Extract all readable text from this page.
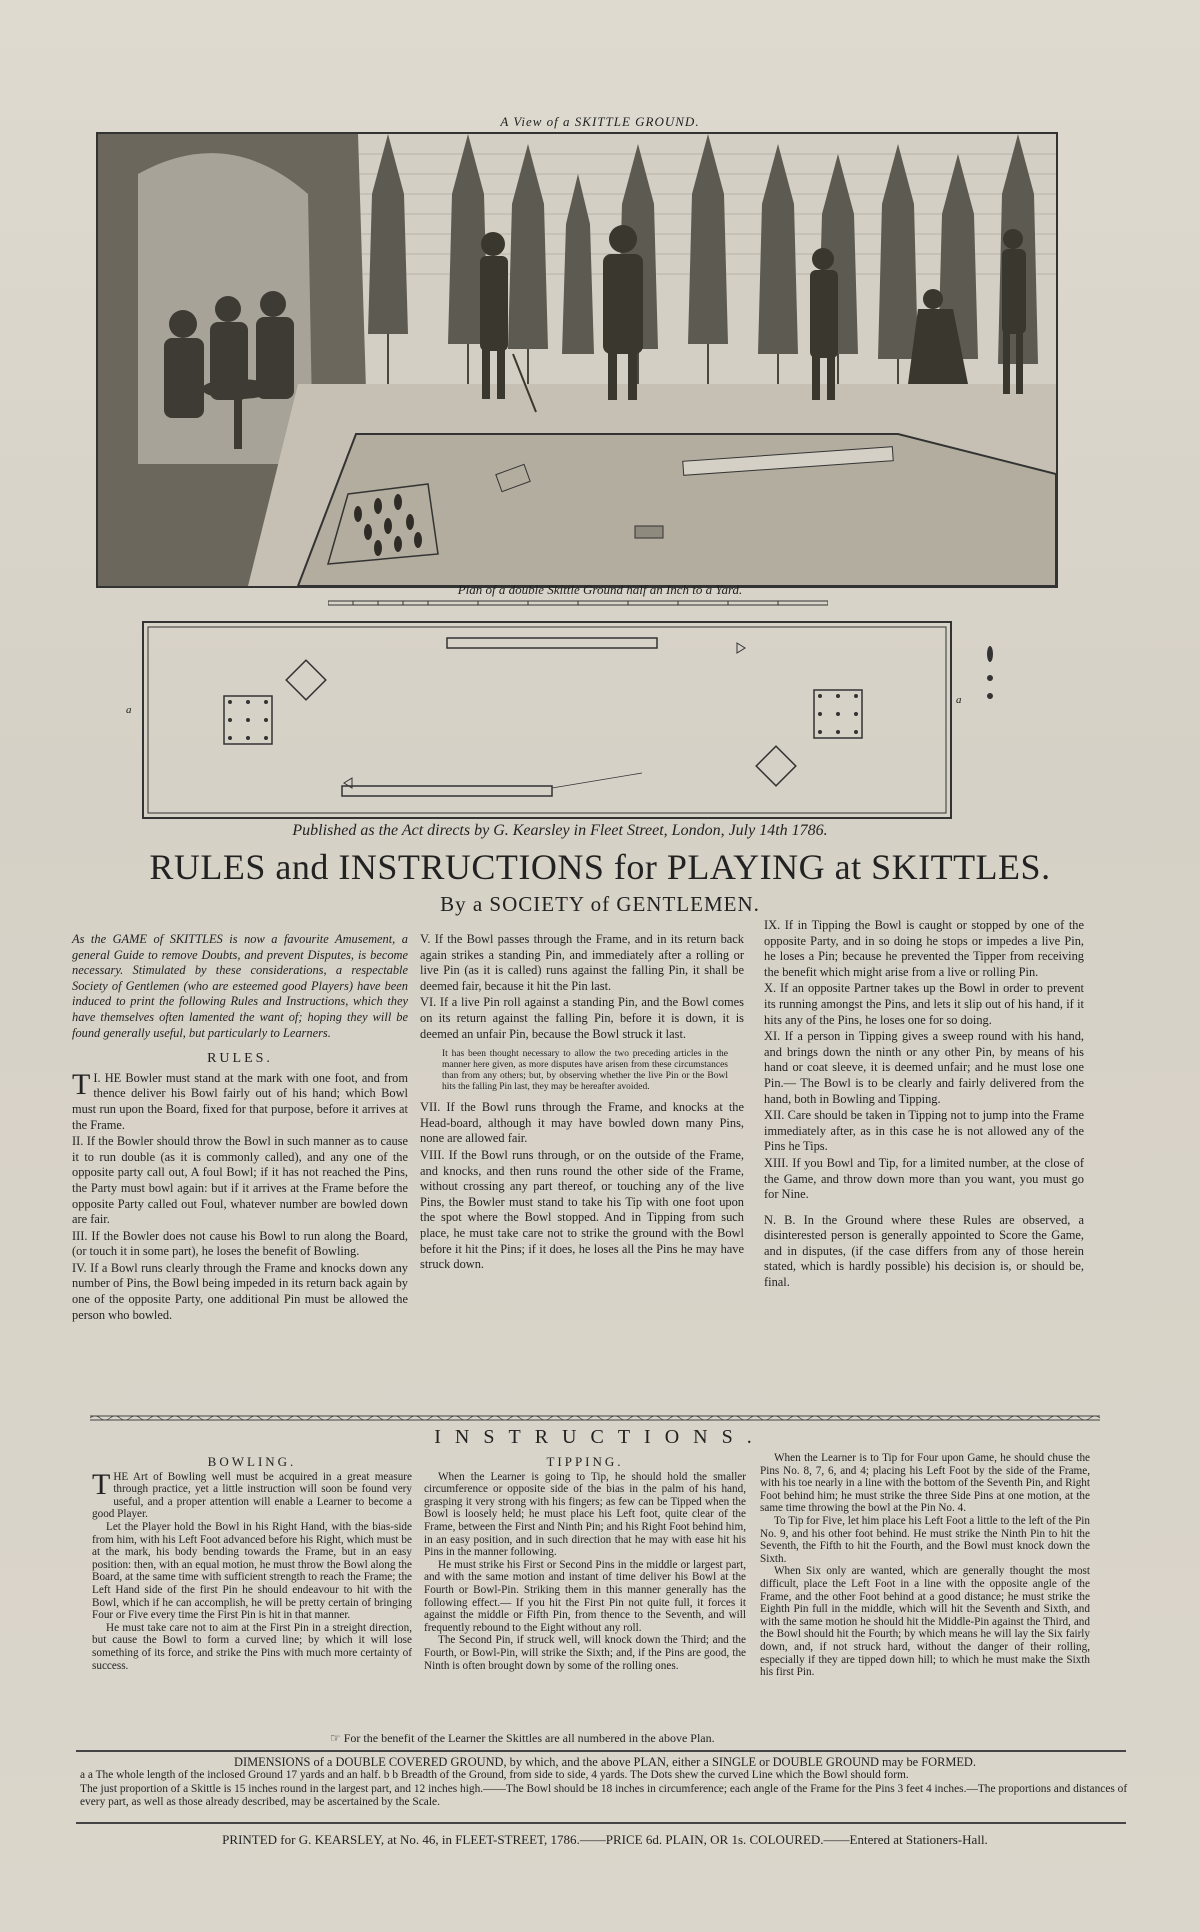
A View of a SKITTLE GROUND.
Plan of a double Skittle Ground half an Inch to a Yard.
a
a
Published as the Act directs by G. Kearsley in Fleet Street, London, July 14th 1786.
RULES and INSTRUCTIONS for PLAYING at SKITTLES.
By a SOCIETY of GENTLEMEN.

As the GAME of SKITTLES is now a favourite Amusement, a general Guide to remove Doubts, and prevent Disputes, is become necessary. Stimulated by these considerations, a respectable Society of Gentlemen (who are esteemed good Players) have been induced to print the following Rules and Instructions, which they have themselves often lamented the want of; hoping they will be found generally useful, but particularly to Learners.

RULES.

I.
T HE Bowler must stand at the mark with one foot, and from thence deliver his Bowl fairly out of his hand; which Bowl must run upon the Board, fixed for that purpose, before it arrives at the Frame.

II. If the Bowler should throw the Bowl in such manner as to cause it to run double (as it is commonly called), and any one of the opposite party call out, A foul Bowl; if it has not reached the Pins, the Party must bowl again: but if it arrives at the Frame before the opposite Party called out Foul, whatever number are bowled down are fair.

III. If the Bowler does not cause his Bowl to run along the Board, (or touch it in some part), he loses the benefit of Bowling.

IV. If a Bowl runs clearly through the Frame and knocks down any number of Pins, the Bowl being impeded in its return back again by one of the opposite Party, one additional Pin must be allowed the person who bowled.

V. If the Bowl passes through the Frame, and in its return back again strikes a standing Pin, and immediately after a rolling or live Pin (as it is called) runs against the falling Pin, it shall be deemed fair, because it hit the Pin last.

VI. If a live Pin roll against a standing Pin, and the Bowl comes on its return against the falling Pin, before it is down, it is deemed an unfair Pin, because the Bowl struck it last.

It has been thought necessary to allow the two preceding articles in the manner here given, as more disputes have arisen from these circumstances than from any others; but, by observing whether the live Pin or the Bowl hits the falling Pin last, they may be hereafter avoided.

VII. If the Bowl runs through the Frame, and knocks at the Head-board, although it may have bowled down many Pins, none are allowed fair.

VIII. If the Bowl runs through, or on the outside of the Frame, and knocks, and then runs round the other side of the Frame, without crossing any part thereof, or touching any of the live Pins, the Bowler must stand to take his Tip with one foot upon the spot where the Bowl stopped. And in Tipping from such place, he must take care not to strike the ground with the Bowl before it hit the Pins; if it does, he loses all the Pins he may have struck down.

IX. If in Tipping the Bowl is caught or stopped by one of the opposite Party, and in so doing he stops or impedes a live Pin, he loses a Pin; because he prevented the Tipper from receiving the benefit which might arise from a live or rolling Pin.

X. If an opposite Partner takes up the Bowl in order to prevent its running amongst the Pins, and lets it slip out of his hand, if it hits any of the Pins, he loses one for so doing.

XI. If a person in Tipping gives a sweep round with his hand, and brings down the ninth or any other Pin, by means of his hand or coat sleeve, it is deemed unfair; and he must lose one Pin.— The Bowl is to be clearly and fairly delivered from the hand, both in Bowling and Tipping.

XII. Care should be taken in Tipping not to jump into the Frame immediately after, as in this case he is not allowed any of the Pins he Tips.

XIII. If you Bowl and Tip, for a limited number, at the close of the Game, and throw down more than you want, you must go for Nine.

N. B. In the Ground where these Rules are observed, a disinterested person is generally appointed to Score the Game, and in disputes, (if the case differs from any of those herein stated, which is hardly possible) his decision is, or should be, final.

INSTRUCTIONS.
BOWLING.

THE Art of Bowling well must be acquired in a great measure through practice, yet a little instruction will soon be found very useful, and a proper attention will enable a Learner to become a good Player.

Let the Player hold the Bowl in his Right Hand, with the bias-side from him, with his Left Foot advanced before his Right, which must be at the mark, his body bending towards the Frame, but in an easy position: then, with an equal motion, he must throw the Bowl along the Board, at the same time with sufficient strength to reach the Frame; the Left Hand side of the first Pin he should endeavour to hit with the Bowl, which if he can accomplish, he will be pretty certain of bringing Four or Five every time the First Pin is hit in that manner.

He must take care not to aim at the First Pin in a streight direction, but cause the Bowl to form a curved line; by which it will lose something of its force, and strike the Pins with much more certainty of success.

TIPPING.

When the Learner is going to Tip, he should hold the smaller circumference or opposite side of the bias in the palm of his hand, grasping it very strong with his fingers; as few can be Tipped when the Bowl is loosely held; he must place his Left foot, quite clear of the Frame, between the First and Ninth Pin; and his Right Foot behind him, in an easy position, and in such direction that he may with ease hit his Pins in the manner following.

He must strike his First or Second Pins in the middle or largest part, and with the same motion and instant of time deliver his Bowl at the Fourth or Bowl-Pin. Striking them in this manner generally has the following effect.— If you hit the First Pin not quite full, it forces it against the middle or Fifth Pin, from thence to the Seventh, and will frequently rebound to the Eight without any roll.

The Second Pin, if struck well, will knock down the Third; and the Fourth, or Bowl-Pin, will strike the Sixth; and, if the Pins are good, the Ninth is often brought down by some of the rolling ones.

When the Learner is to Tip for Four upon Game, he should chuse the Pins No. 8, 7, 6, and 4; placing his Left Foot by the side of the Frame, with his toe nearly in a line with the bottom of the Seventh Pin, and Right Foot behind him; he must strike the three Side Pins at one motion, at the same time throwing the bowl at the Pin No. 4.

To Tip for Five, let him place his Left Foot a little to the left of the Pin No. 9, and his other foot behind. He must strike the Ninth Pin to hit the Seventh, the Fifth to hit the Fourth, and the Bowl must knock down the Sixth.

When Six only are wanted, which are generally thought the most difficult, place the Left Foot in a line with the opposite angle of the Frame, and the other Foot behind at a good distance; he must strike the Eighth Pin full in the middle, which will hit the Seventh and Sixth, and with the same motion he should hit the Middle-Pin against the Third, and the Bowl should hit the Fourth; by which means he will lay the Six fairly down, and, if not struck hard, without the danger of their rolling, especially if they are tipped down hill; to which he must make the Sixth his first Pin.

☞ For the benefit of the Learner the Skittles are all numbered in the above Plan.
DIMENSIONS of a DOUBLE COVERED GROUND, by which, and the above PLAN, either a SINGLE or DOUBLE GROUND may be FORMED.
a a The whole length of the inclosed Ground 17 yards and an half. b b Breadth of the Ground, from side to side, 4 yards. The Dots shew the curved Line which the Bowl should form.
The just proportion of a Skittle is 15 inches round in the largest part, and 12 inches high.——The Bowl should be 18 inches in circumference; each angle of the Frame for the Pins 3 feet 4 inches.—The proportions and distances of every part, as well as those already described, may be ascertained by the Scale.
PRINTED for G. KEARSLEY, at No. 46, in FLEET-STREET, 1786.——PRICE 6d. PLAIN, OR 1s. COLOURED.——Entered at Stationers-Hall.
